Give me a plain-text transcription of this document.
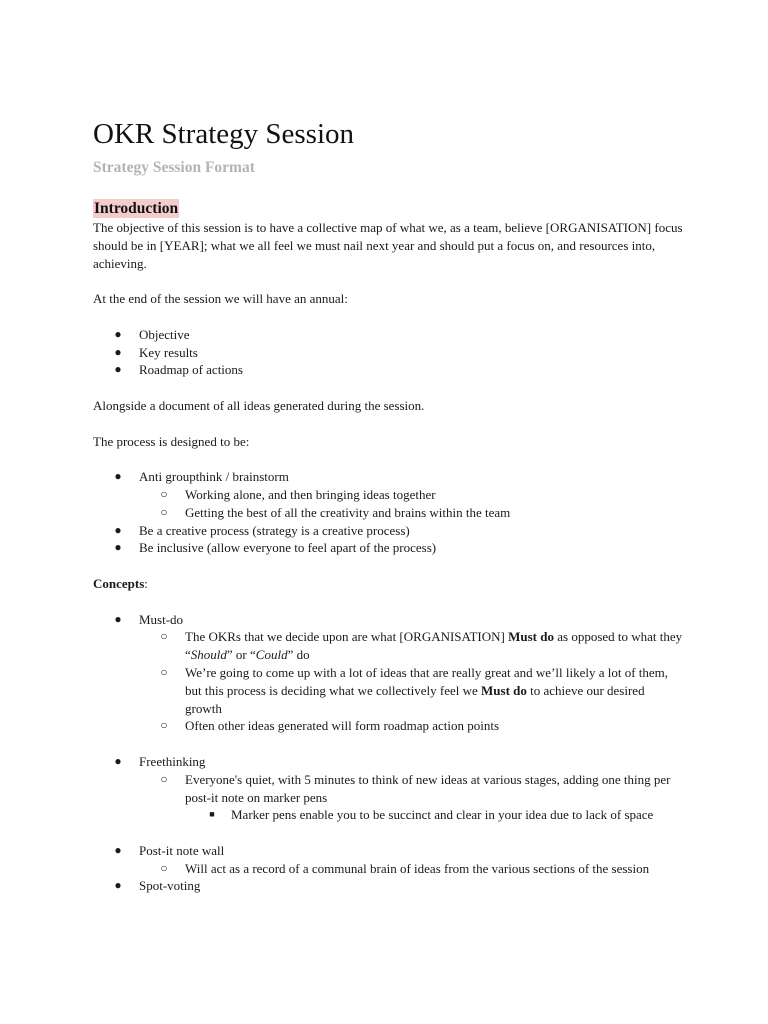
OKR Strategy Session
Strategy Session Format
Introduction

The objective of this session is to have a collective map of what we, as a team, believe [ORGANISATION] focus should be in [YEAR]; what we all feel we must nail next year and should put a focus on, and resources into, achieving.

At the end of the session we will have an annual:

● Objective
● Key results
● Roadmap of actions

Alongside a document of all ideas generated during the session.

The process is designed to be:

● Anti groupthink / brainstorm
○ Working alone, and then bringing ideas together
○ Getting the best of all the creativity and brains within the team
● Be a creative process (strategy is a creative process)
● Be inclusive (allow everyone to feel apart of the process)

Concepts:

● Must-do
○ The OKRs that we decide upon are what [ORGANISATION] Must do as opposed to what they “Should” or “Could” do
○ We’re going to come up with a lot of ideas that are really great and we’ll likely a lot of them, but this process is deciding what we collectively feel we Must do to achieve our desired growth
○ Often other ideas generated will form roadmap action points
● Freethinking
○ Everyone's quiet, with 5 minutes to think of new ideas at various stages, adding one thing per post-it note on marker pens
■	Marker pens enable you to be succinct and clear in your idea due to lack of space
● Post-it note wall
○ Will act as a record of a communal brain of ideas from the various sections of the session
● Spot-voting
